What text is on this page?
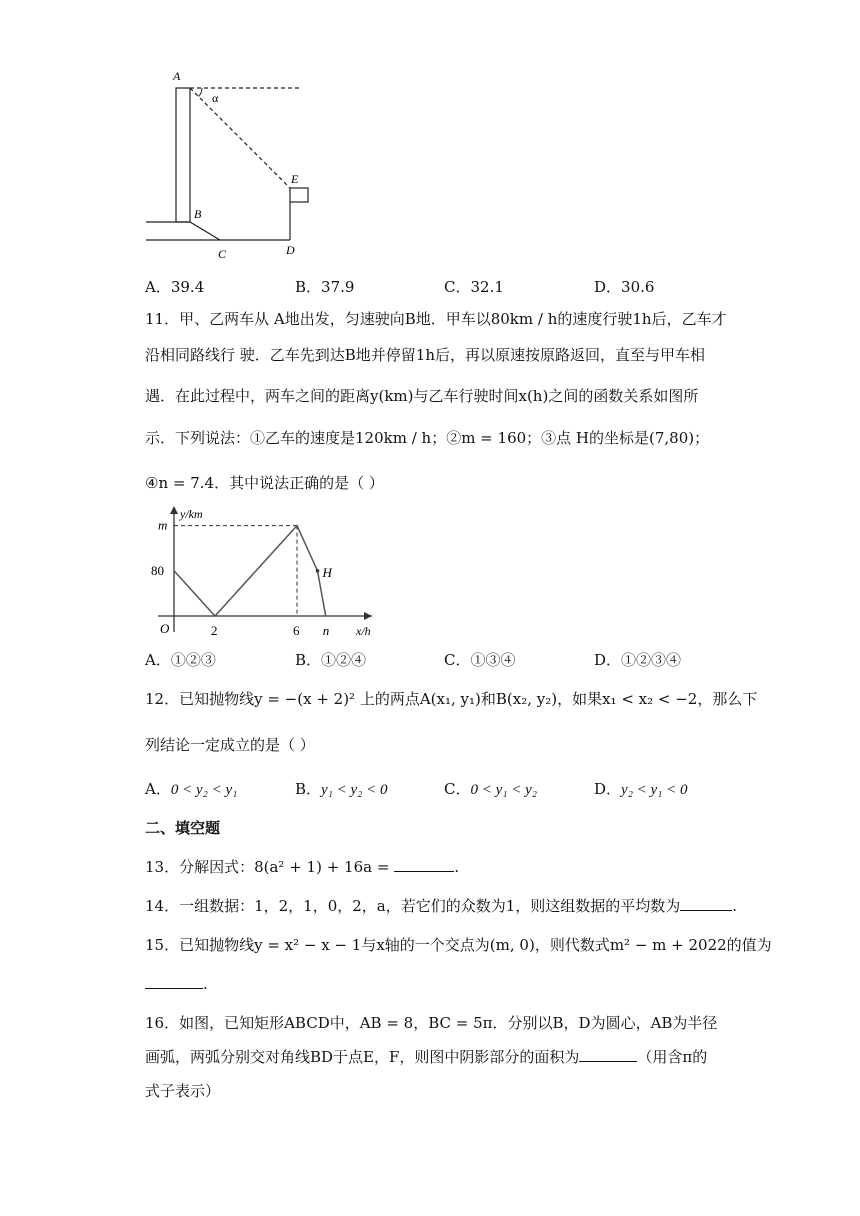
A
α
E
B
C	D
A．39.4	B．37.9	C．32.1	D．30.6
11．甲、乙两车从 A地出发，匀速驶向B地．甲车以80km / h的速度行驶1h后，乙车才
沿相同路线行 驶．乙车先到达B地并停留1h后，再以原速按原路返回，直至与甲车相
遇．在此过程中，两车之间的距离y(km)与乙车行驶时间x(h)之间的函数关系如图所
示．下列说法：①乙车的速度是120km / h；②m = 160；③点 H的坐标是(7,80)；
④n = 7.4．其中说法正确的是（ ）
H
80
m
O	2	6 n x/h
y/km
A．①②③	B．①②④	C．①③④	D．①②③④
12．已知抛物线y = −(x + 2)² 上的两点A(x₁, y₁)和B(x₂, y₂)，如果x₁ < x₂ < −2，那么下
列结论一定成立的是（ ）
A．0 < y₂ < y₁	B．y₁ < y₂ < 0	C．0 < y₁ < y₂	D．y₂ < y₁ < 0
二、填空题
13．分解因式：8(a² + 1) + 16a =	.
14．一组数据：1，2，1，0，2，a，若它们的众数为1，则这组数据的平均数为	.
15．已知抛物线y = x² − x − 1与x轴的一个交点为(m, 0)，则代数式m² − m + 2022的值为
.
16．如图，已知矩形ABCD中，AB = 8，BC = 5π．分别以B，D为圆心，AB为半径
画弧，两弧分别交对角线BD于点E，F，则图中阴影部分的面积为	（用含π的
式子表示）
